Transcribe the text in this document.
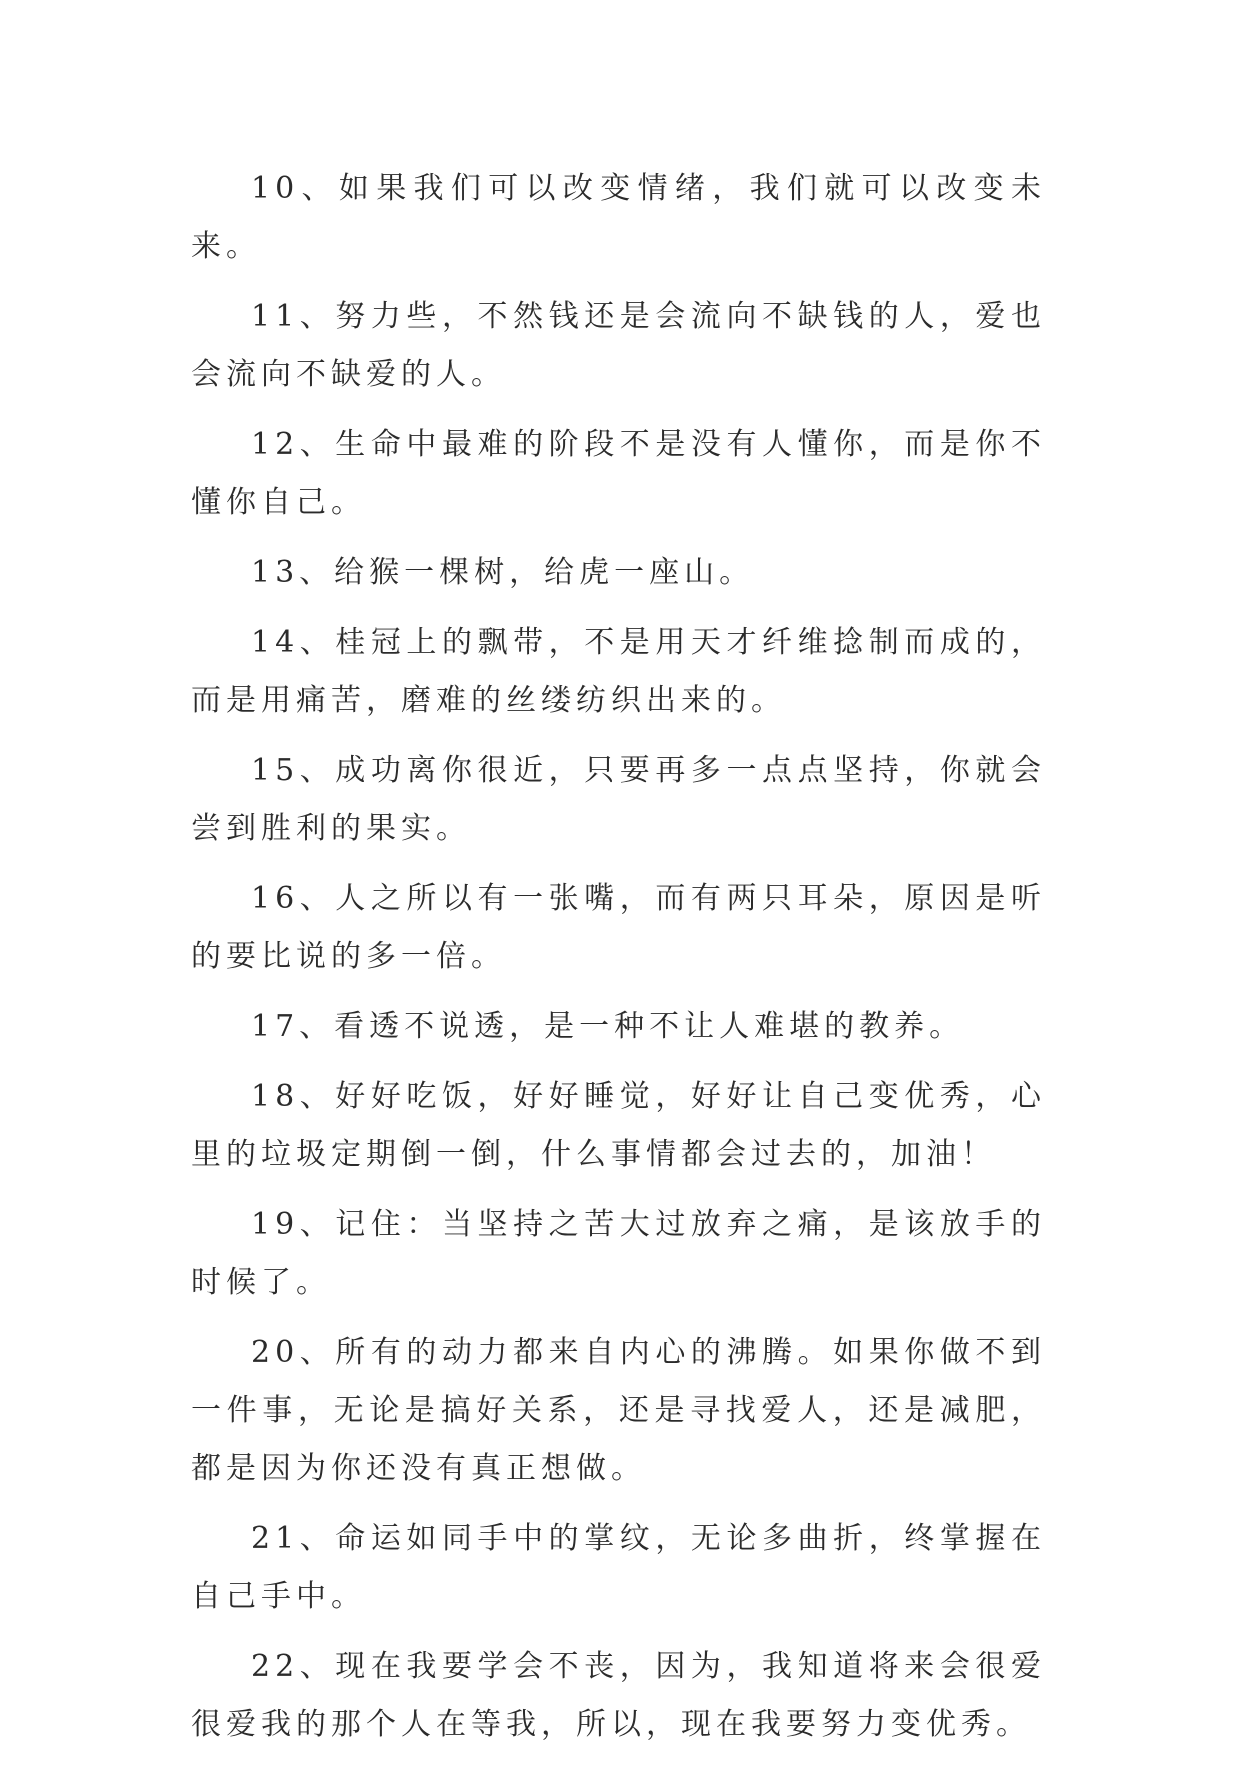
10、如果我们可以改变情绪，我们就可以改变未来。

11、努力些，不然钱还是会流向不缺钱的人，爱也会流向不缺爱的人。

12、生命中最难的阶段不是没有人懂你，而是你不懂你自己。

13、给猴一棵树，给虎一座山。

14、桂冠上的飘带，不是用天才纤维捻制而成的，而是用痛苦，磨难的丝缕纺织出来的。

15、成功离你很近，只要再多一点点坚持，你就会尝到胜利的果实。

16、人之所以有一张嘴，而有两只耳朵，原因是听的要比说的多一倍。

17、看透不说透，是一种不让人难堪的教养。

18、好好吃饭，好好睡觉，好好让自己变优秀，心里的垃圾定期倒一倒，什么事情都会过去的，加油！

19、记住：当坚持之苦大过放弃之痛，是该放手的时候了。

20、所有的动力都来自内心的沸腾。如果你做不到一件事，无论是搞好关系，还是寻找爱人，还是减肥，都是因为你还没有真正想做。

21、命运如同手中的掌纹，无论多曲折，终掌握在自己手中。

22、现在我要学会不丧，因为，我知道将来会很爱很爱我的那个人在等我，所以，现在我要努力变优秀。
